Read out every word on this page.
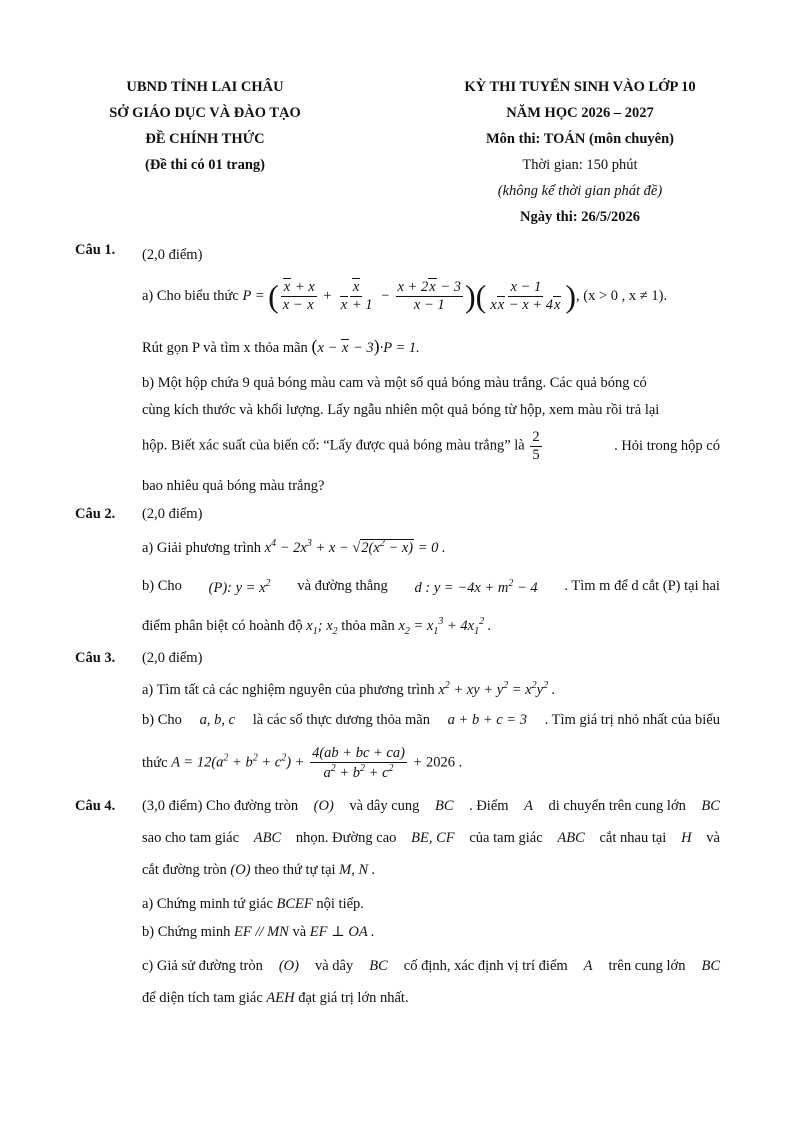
UBND TỈNH LAI CHÂU
SỞ GIÁO DỤC VÀ ĐÀO TẠO
ĐỀ CHÍNH THỨC
(Đề thi có 01 trang)
KỲ THI TUYỂN SINH VÀO LỚP 10
NĂM HỌC 2026 – 2027
Môn thi: TOÁN (môn chuyên)
Thời gian: 150 phút
(không kể thời gian phát đề)
Ngày thi: 26/5/2026
Câu 1. (2,0 điểm)
a) Cho biểu thức
P = ( $\frac{x + x}{x - x} + \frac{x}{x + 1} - \frac{x + 2x - 3}{x - 1}$ )( $\frac{x - 1}{xx - x + 4x}$ ) , (x > 0 , x ≠ 1).
Rút gọn P và tìm x thỏa mãn (x − x − 3)·P = 1.
b) Một hộp chứa 9 quả bóng màu cam và một số quả bóng màu trắng. Các quả bóng có
cùng kích thước và khối lượng. Lấy ngẫu nhiên một quả bóng từ hộp, xem màu rồi trả lại
hộp. Biết xác suất của biến cố: “Lấy được quả bóng màu trắng” là $\frac{2}{5}$	. Hỏi trong hộp có
bao nhiêu quả bóng màu trắng?
Câu 2. (2,0 điểm)
a) Giải phương trình $x^4 - 2x^3 + x - √2(x^2 - x) = 0$ .
b) Cho (P): $y = x^2$ và đường thẳng d : $y = -4x + m^2 - 4$ . Tìm m để d cắt (P) tại hai
điểm phân biệt có hoành độ $x_1$; $x_2$ thỏa mãn $x_2 = x_1^3 + 4x_1^2$ .
Câu 3. (2,0 điểm)
a) Tìm tất cả các nghiệm nguyên của phương trình $x^2$ + xy + $y^2 = x^2y^2$ .
b) Cho a, b, c là các số thực dương thỏa mãn a + b + c = 3 . Tìm giá trị nhỏ nhất của biểu
thức
$A = 12(a^2 + b^2 + c^2) + \frac{4(ab + bc + ca)}{a^2 + b^2 + c^2} + 2026$ .
Câu 4. (3,0 điểm) Cho đường tròn (O) và dây cung BC . Điểm A di chuyển trên cung lớn BC
sao cho tam giác ABC nhọn. Đường cao BE, CF của tam giác ABC cắt nhau tại H và
cắt đường tròn (O) theo thứ tự tại M, N .
a) Chứng minh tứ giác BCEF nội tiếp.
b) Chứng minh EF // MN và EF ⊥ OA .
c) Giả sử đường tròn (O) và dây BC cố định, xác định vị trí điểm A trên cung lớn BC
để diện tích tam giác AEH đạt giá trị lớn nhất.
